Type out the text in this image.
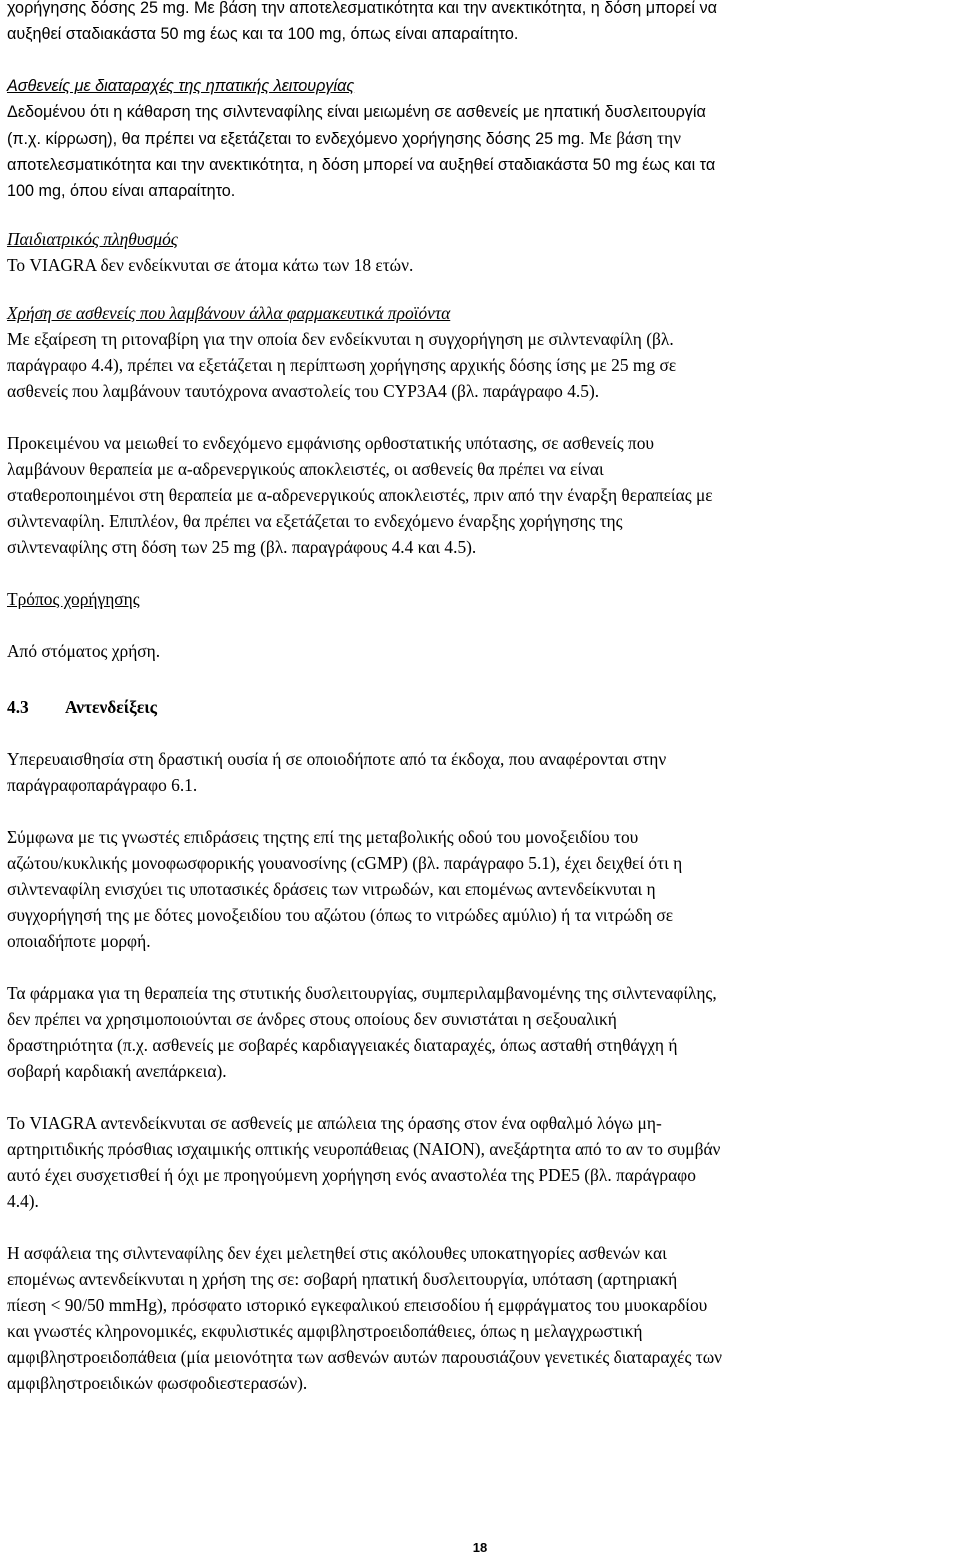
χορήγησης δόσης 25 mg. Με βάση την αποτελεσματικότητα και την ανεκτικότητα, η δόση μπορεί να

αυξηθεί σταδιακάστα 50 mg έως και τα 100 mg, όπως είναι απαραίτητο.

Ασθενείς με διαταραχές της ηπατικής λειτουργίας

Δεδομένου ότι η κάθαρση της σιλντεναφίλης είναι μειωμένη σε ασθενείς με ηπατική δυσλειτουργία

(π.χ. κίρρωση), θα πρέπει να εξετάζεται το ενδεχόμενο χορήγησης δόσης 25 mg. Με βάση την

αποτελεσματικότητα και την ανεκτικότητα, η δόση μπορεί να αυξηθεί σταδιακάστα 50 mg έως και τα

100 mg, όπου είναι απαραίτητο.

Παιδιατρικός πληθυσμός

Το VIAGRA δεν ενδείκνυται σε άτομα κάτω των 18 ετών.

Χρήση σε ασθενείς που λαμβάνουν άλλα φαρμακευτικά προϊόντα

Με εξαίρεση τη ριτοναβίρη για την οποία δεν ενδείκνυται η συγχορήγηση με σιλντεναφίλη (βλ.

παράγραφο 4.4), πρέπει να εξετάζεται η περίπτωση χορήγησης αρχικής δόσης ίσης με 25 mg σε

ασθενείς που λαμβάνουν ταυτόχρονα αναστολείς του CYP3A4 (βλ. παράγραφο 4.5).

Προκειμένου να μειωθεί το ενδεχόμενο εμφάνισης ορθοστατικής υπότασης, σε ασθενείς που

λαμβάνουν θεραπεία με α-αδρενεργικούς αποκλειστές, οι ασθενείς θα πρέπει να είναι

σταθεροποιημένοι στη θεραπεία με α-αδρενεργικούς αποκλειστές, πριν από την έναρξη θεραπείας με

σιλντεναφίλη. Επιπλέον, θα πρέπει να εξετάζεται το ενδεχόμενο έναρξης χορήγησης της

σιλντεναφίλης στη δόση των 25 mg (βλ. παραγράφους 4.4 και 4.5).

Τρόπος χορήγησης

Από στόματος χρήση.

4.3 Αντενδείξεις

Υπερευαισθησία στη δραστική ουσία ή σε οποιοδήποτε από τα έκδοχα, που αναφέρονται στην

παράγραφοπαράγραφο 6.1.

Σύμφωνα με τις γνωστές επιδράσεις τηςτης επί της μεταβολικής οδού του μονοξειδίου του

αζώτου/κυκλικής μονοφωσφορικής γουανοσίνης (cGMP) (βλ. παράγραφο 5.1), έχει δειχθεί ότι η

σιλντεναφίλη ενισχύει τις υποτασικές δράσεις των νιτρωδών, και επομένως αντενδείκνυται η

συγχορήγησή της με δότες μονοξειδίου του αζώτου (όπως το νιτρώδες αμύλιο) ή τα νιτρώδη σε

οποιαδήποτε μορφή.

Τα φάρμακα για τη θεραπεία της στυτικής δυσλειτουργίας, συμπεριλαμβανομένης της σιλντεναφίλης,

δεν πρέπει να χρησιμοποιούνται σε άνδρες στους οποίους δεν συνιστάται η σεξουαλική

δραστηριότητα (π.χ. ασθενείς με σοβαρές καρδιαγγειακές διαταραχές, όπως ασταθή στηθάγχη ή

σοβαρή καρδιακή ανεπάρκεια).

Το VIAGRA αντενδείκνυται σε ασθενείς με απώλεια της όρασης στον ένα οφθαλμό λόγω μη-

αρτηριτιδικής πρόσθιας ισχαιμικής οπτικής νευροπάθειας (NAION), ανεξάρτητα από το αν το συμβάν

αυτό έχει συσχετισθεί ή όχι με προηγούμενη χορήγηση ενός αναστολέα της PDE5 (βλ. παράγραφο

4.4).

Η ασφάλεια της σιλντεναφίλης δεν έχει μελετηθεί στις ακόλουθες υποκατηγορίες ασθενών και

επομένως αντενδείκνυται η χρήση της σε: σοβαρή ηπατική δυσλειτουργία, υπόταση (αρτηριακή

πίεση < 90/50 mmHg), πρόσφατο ιστορικό εγκεφαλικού επεισοδίου ή εμφράγματος του μυοκαρδίου

και γνωστές κληρονομικές, εκφυλιστικές αμφιβληστροειδοπάθειες, όπως η μελαγχρωστική

αμφιβληστροειδοπάθεια (μία μειονότητα των ασθενών αυτών παρουσιάζουν γενετικές διαταραχές των

αμφιβληστροειδικών φωσφοδιεστερασών).

18
